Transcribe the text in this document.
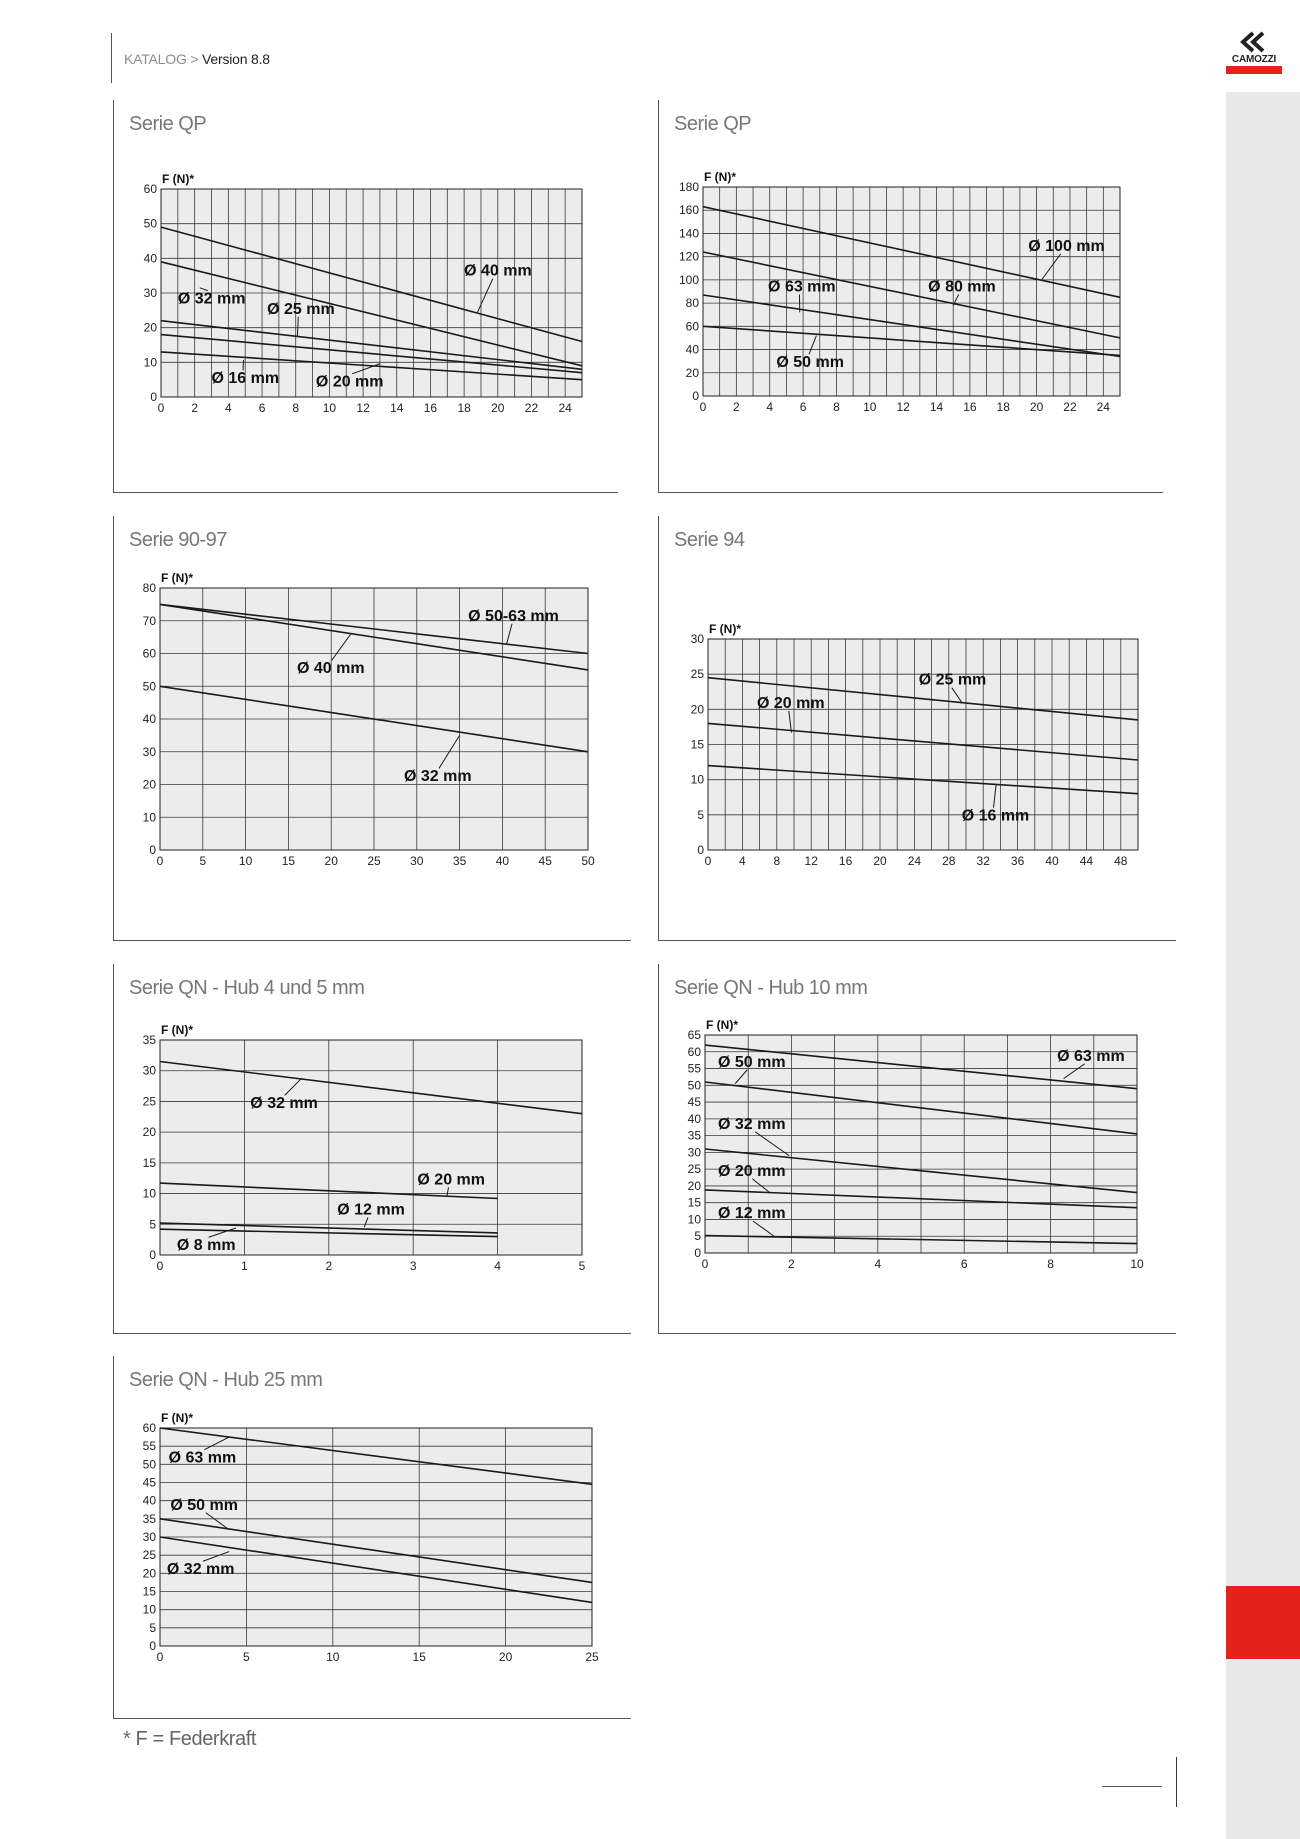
KATALOG > Version 8.8	CAMOZZI
Serie QP
0 2 4 6 8 10 12 14 16 18 20 22 24
0
10
20
30
40
50
60
F (N)*
Ø 40 mm
Ø 32 mm
Ø 25 mm
Ø 16 mm Ø 20 mm
Serie QP
0 2 4 6 8 10 12 14 16 18 20 22 24
0
20
40
60
80
100
120
140
160
180
F (N)*
Ø 100 mm
Ø 80 mm
Ø 63 mm
Ø 50 mm
Serie 90-97
0	5	10 15 20 25 30 35 40 45 50
0
10
20
30
40
50
60
70
80
F (N)*
Ø 50-63 mm
Ø 40 mm
Ø 32 mm
Serie 94
0 4 8 12 16 20 24 28 32 36 40 44 48
0
5
10
15
20
25
30
F (N)*
Ø 25 mm
Ø 20 mm
Ø 16 mm
Serie QN - Hub 4 und 5 mm
0	1	2	3	4	5
0
5
10
15
20
25
30
35
F (N)*
Ø 32 mm
Ø 20 mm
Ø 12 mm
Ø 8 mm
Serie QN - Hub 10 mm
0	2	4	6	8	10
0
5
10
15
20
25
30
35
40
45
50
55
60
65
F (N)*
Ø 63 mm
Ø 50 mm
Ø 32 mm
Ø 20 mm
Ø 12 mm
Serie QN - Hub 25 mm
0	5	10	15	20	25
0
5
10
15
20
25
30
35
40
45
50
55
60
F (N)*
Ø 63 mm
Ø 50 mm
Ø 32 mm
* F = Federkraft
